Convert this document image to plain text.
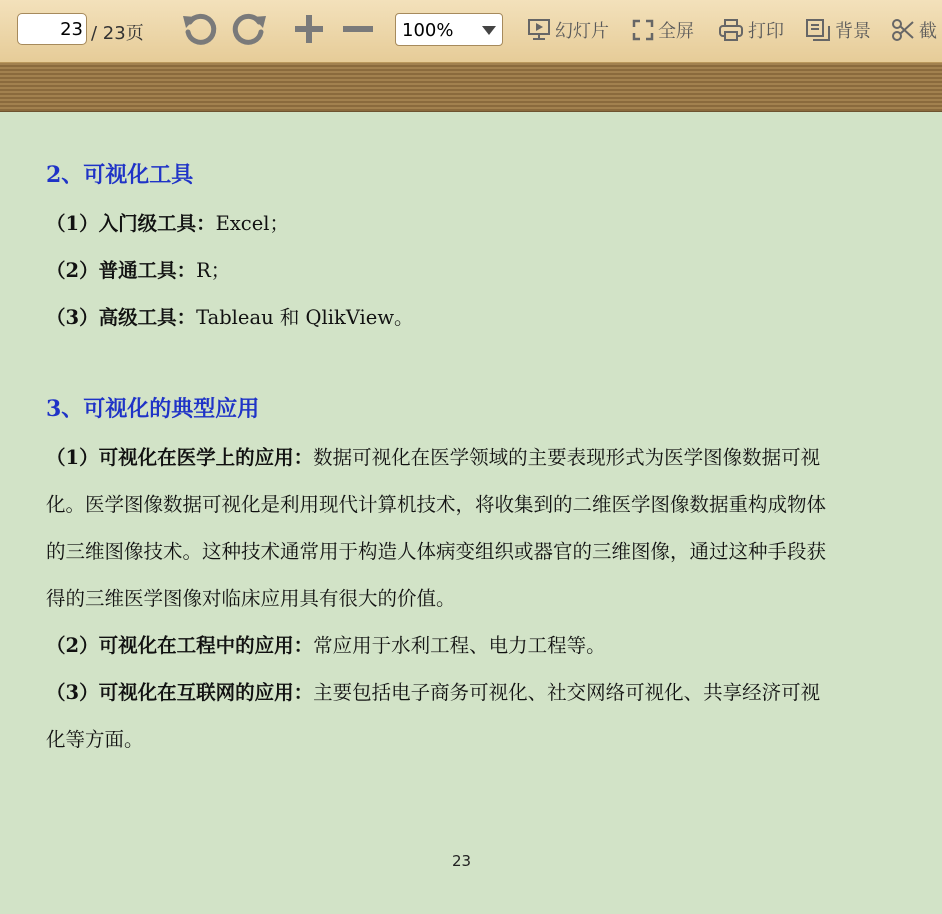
23
/ 23页	100%	幻灯片	全屏	打印	背景	截
2、可视化工具
（1）入门级工具：Excel；
（2）普通工具：R；
（3）高级工具：Tableau 和 QlikView。
3、可视化的典型应用
（1）可视化在医学上的应用：数据可视化在医学领域的主要表现形式为医学图像数据可视
化。医学图像数据可视化是利用现代计算机技术，将收集到的二维医学图像数据重构成物体
的三维图像技术。这种技术通常用于构造人体病变组织或器官的三维图像，通过这种手段获
得的三维医学图像对临床应用具有很大的价值。
（2）可视化在工程中的应用：常应用于水利工程、电力工程等。
（3）可视化在互联网的应用：主要包括电子商务可视化、社交网络可视化、共享经济可视
化等方面。
23
